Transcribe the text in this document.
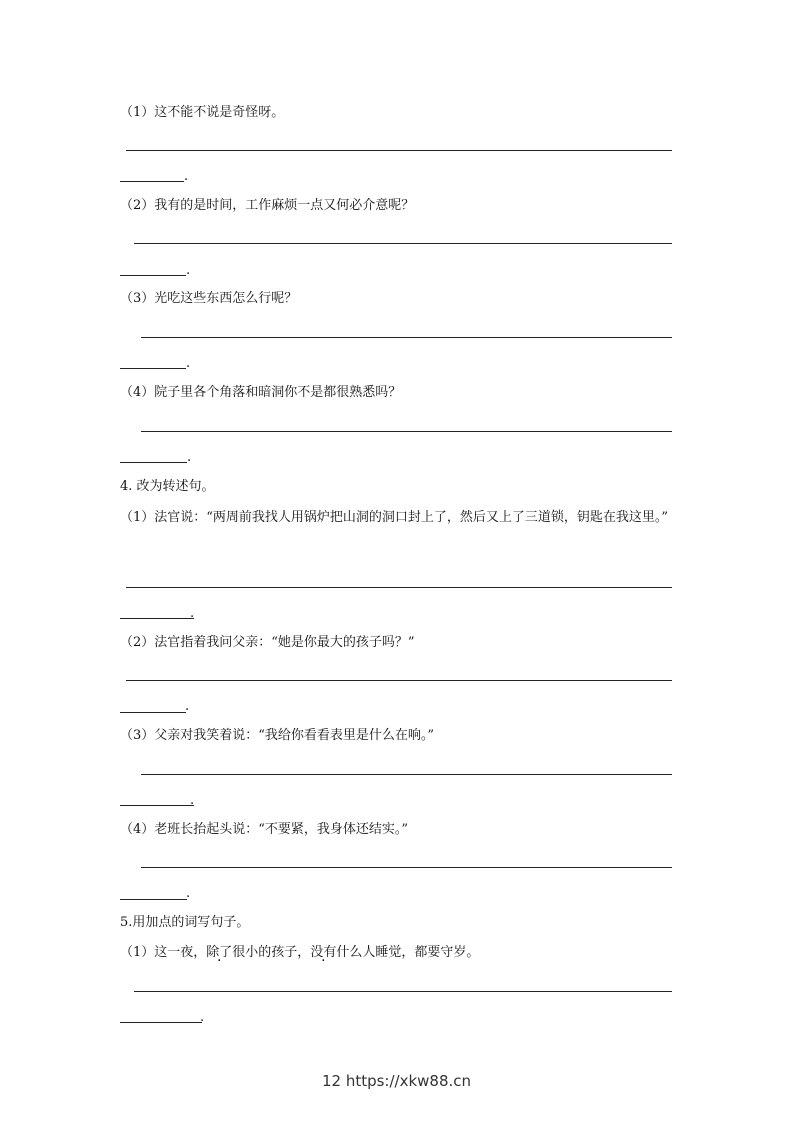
（1）这不能不说是奇怪呀。
.
（2）我有的是时间，工作麻烦一点又何必介意呢？
.
（3）光吃这些东西怎么行呢？
.
（4）院子里各个角落和暗洞你不是都很熟悉吗？
.
4. 改为转述句。
（1）法官说：“两周前我找人用锅炉把山洞的洞口封上了，然后又上了三道锁，钥匙在我这里。”
.
（2）法官指着我问父亲：“她是你最大的孩子吗？”
.
（3）父亲对我笑着说：“我给你看看表里是什么在响。”
.
（4）老班长抬起头说：“不要紧，我身体还结实。”
.
5.用加点的词写句子。
（1）这一夜，除了很小的孩子，没有什么人睡觉，都要守岁。
.
12 https://xkw88.cn
